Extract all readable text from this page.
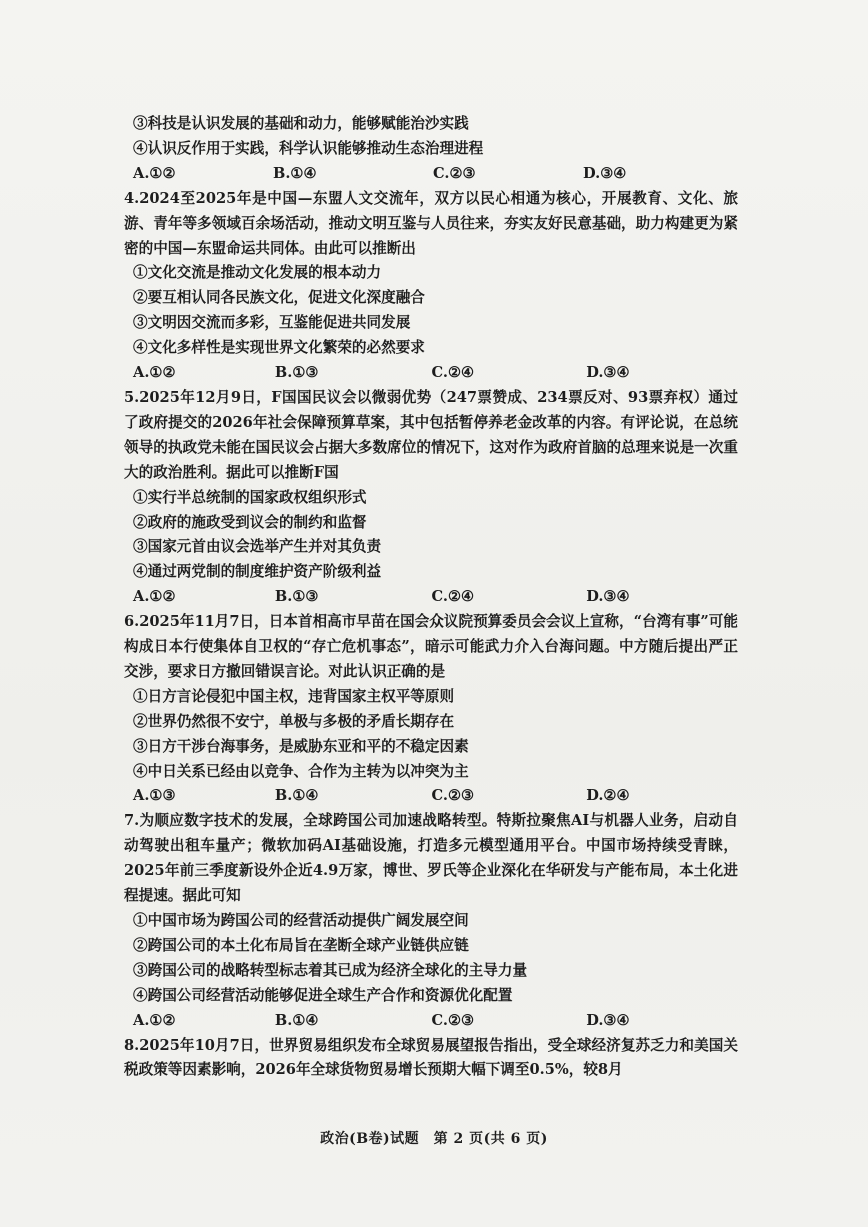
③科技是认识发展的基础和动力，能够赋能治沙实践
④认识反作用于实践，科学认识能够推动生态治理进程
A.①②	B.①④	C.②③	D.③④
4.2024至2025年是中国—东盟人文交流年，双方以民心相通为核心，开展教育、文化、旅游、青年等多领域百余场活动，推动文明互鉴与人员往来，夯实友好民意基础，助力构建更为紧密的中国—东盟命运共同体。由此可以推断出
①文化交流是推动文化发展的根本动力
②要互相认同各民族文化，促进文化深度融合
③文明因交流而多彩，互鉴能促进共同发展
④文化多样性是实现世界文化繁荣的必然要求
A.①②	B.①③	C.②④	D.③④
5.2025年12月9日，F国国民议会以微弱优势（247票赞成、234票反对、93票弃权）通过了政府提交的2026年社会保障预算草案，其中包括暂停养老金改革的内容。有评论说，在总统领导的执政党未能在国民议会占据大多数席位的情况下，这对作为政府首脑的总理来说是一次重大的政治胜利。据此可以推断F国
①实行半总统制的国家政权组织形式
②政府的施政受到议会的制约和监督
③国家元首由议会选举产生并对其负责
④通过两党制的制度维护资产阶级利益
A.①②	B.①③	C.②④	D.③④
6.2025年11月7日，日本首相高市早苗在国会众议院预算委员会会议上宣称，“台湾有事”可能构成日本行使集体自卫权的“存亡危机事态”，暗示可能武力介入台海问题。中方随后提出严正交涉，要求日方撤回错误言论。对此认识正确的是
①日方言论侵犯中国主权，违背国家主权平等原则
②世界仍然很不安宁，单极与多极的矛盾长期存在
③日方干涉台海事务，是威胁东亚和平的不稳定因素
④中日关系已经由以竞争、合作为主转为以冲突为主
A.①③	B.①④	C.②③	D.②④
7.为顺应数字技术的发展，全球跨国公司加速战略转型。特斯拉聚焦AI与机器人业务，启动自动驾驶出租车量产；微软加码AI基础设施，打造多元模型通用平台。中国市场持续受青睐，2025年前三季度新设外企近4.9万家，博世、罗氏等企业深化在华研发与产能布局，本土化进程提速。据此可知
①中国市场为跨国公司的经营活动提供广阔发展空间
②跨国公司的本土化布局旨在垄断全球产业链供应链
③跨国公司的战略转型标志着其已成为经济全球化的主导力量
④跨国公司经营活动能够促进全球生产合作和资源优化配置
A.①②	B.①④	C.②③	D.③④
8.2025年10月7日，世界贸易组织发布全球贸易展望报告指出，受全球经济复苏乏力和美国关税政策等因素影响，2026年全球货物贸易增长预期大幅下调至0.5%，较8月
政治(B卷)试题　第 2 页(共 6 页)
